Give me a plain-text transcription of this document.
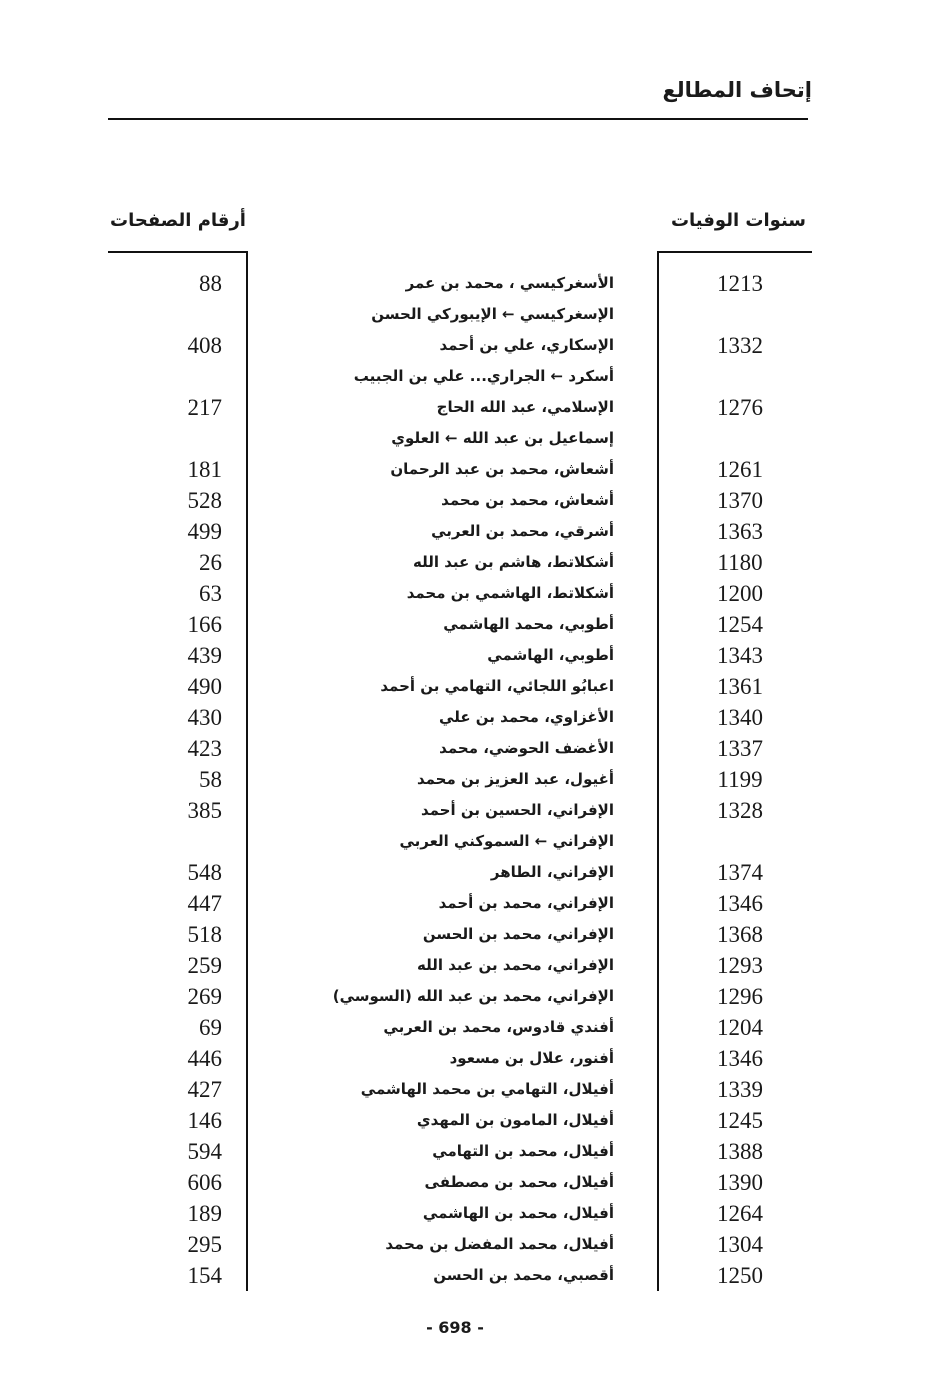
إتحاف المطالع
سنوات الوفيات
أرقام الصفحات
88	الأسغركيسي ، محمد بن عمر	1213
الإسغركيسي ← الإيبوركي الحسن
408	الإسكاري، علي بن أحمد	1332
أسكرد ← الجراري... علي بن الجبيب
217	الإسلامي، عبد الله الحاج	1276
إسماعيل بن عبد الله ← العلوي
181	أشعاش، محمد بن عبد الرحمان	1261
528	أشعاش، محمد بن محمد	1370
499	أشرقي، محمد بن العربي	1363
26	أشكلاتط، هاشم بن عبد الله	1180
63	أشكلاتط، الهاشمي بن محمد	1200
166	أطوبي، محمد الهاشمي	1254
439	أطوبي، الهاشمي	1343
490	اعبابُو اللجائي، التهامي بن أحمد	1361
430	الأغزاوي، محمد بن علي	1340
423	الأغضف الحوضي، محمد	1337
58	أغيول، عبد العزيز بن محمد	1199
385	الإفراني، الحسين بن أحمد	1328
الإفراني ← السموكني العربي
548	الإفراني، الطاهر	1374
447	الإفراني، محمد بن أحمد	1346
518	الإفراني، محمد بن الحسن	1368
259	الإفراني، محمد بن عبد الله	1293
269	الإفراني، محمد بن عبد الله (السوسي)	1296
69	أفندي قادوس، محمد بن العربي	1204
446	أفنور، علال بن مسعود	1346
427	أفيلال، التهامي بن محمد الهاشمي	1339
146	أفيلال، المامون بن المهدي	1245
594	أفيلال، محمد بن التهامي	1388
606	أفيلال، محمد بن مصطفى	1390
189	أفيلال، محمد بن الهاشمي	1264
295	أفيلال، محمد المفضل بن محمد	1304
154	أقصبي، محمد بن الحسن	1250
- 698 -
